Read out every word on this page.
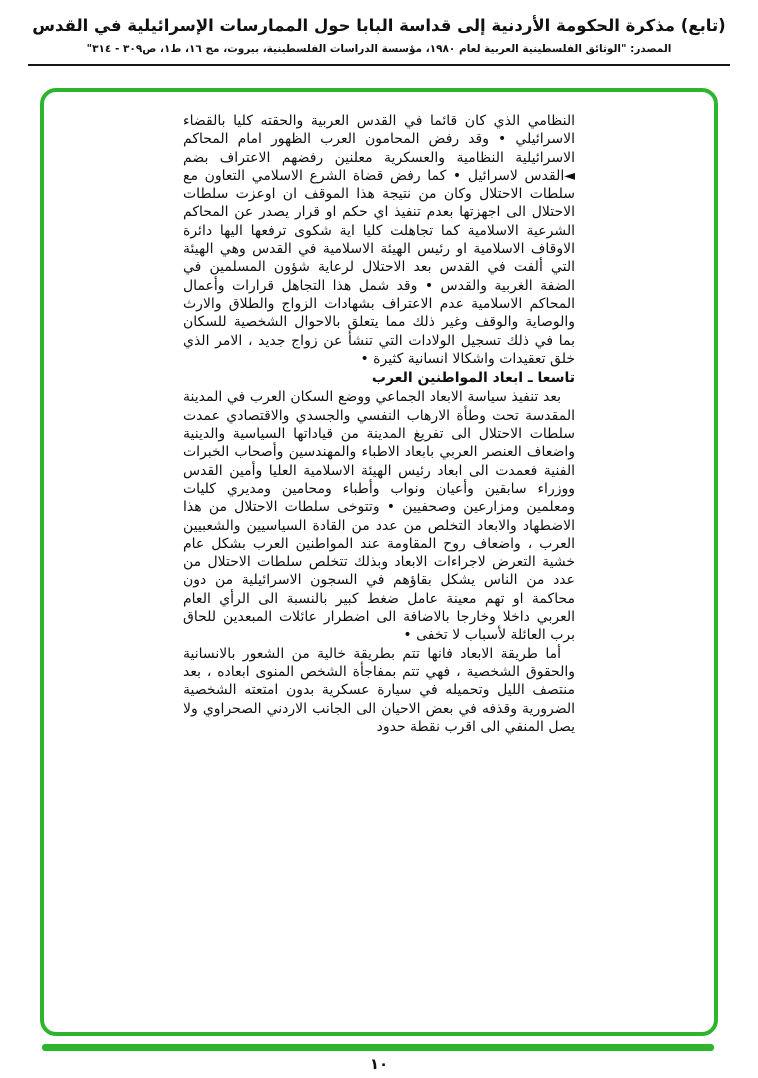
(تابع) مذكرة الحكومة الأردنية إلى قداسة البابا حول الممارسات الإسرائيلية في القدس
المصدر: "الوثائق الفلسطينية العربية لعام ١٩٨٠، مؤسسة الدراسات الفلسطينية، بيروت، مج ١٦، ط١، ص٣٠٩ - ٣١٤"

النظامي الذي كان قائما في القدس العربية والحقته كليا بالقضاء الاسرائيلي • وقد رفض المحامون العرب الظهور امام المحاكم الاسرائيلية النظامية والعسكرية معلنين رفضهم الاعتراف بضم ◄القدس لاسرائيل • كما رفض قضاة الشرع الاسلامي التعاون مع سلطات الاحتلال وكان من نتيجة هذا الموقف ان اوعزت سلطات الاحتلال الى اجهزتها بعدم تنفيذ اي حكم او قرار يصدر عن المحاكم الشرعية الاسلامية كما تجاهلت كليا اية شكوى ترفعها اليها دائرة الاوقاف الاسلامية او رئيس الهيئة الاسلامية في القدس وهي الهيئة التي ألفت في القدس بعد الاحتلال لرعاية شؤون المسلمين في الضفة الغربية والقدس • وقد شمل هذا التجاهل قرارات وأعمال المحاكم الاسلامية عدم الاعتراف بشهادات الزواج والطلاق والارث والوصاية والوقف وغير ذلك مما يتعلق بالاحوال الشخصية للسكان بما في ذلك تسجيل الولادات التي تنشأ عن زواج جديد ، الامر الذي خلق تعقيدات واشكالا انسانية كثيرة •

تاسعا ـ ابعاد المواطنين العرب

بعد تنفيذ سياسة الابعاد الجماعي ووضع السكان العرب في المدينة المقدسة تحت وطأة الارهاب النفسي والجسدي والاقتصادي عمدت سلطات الاحتلال الى تفريغ المدينة من قياداتها السياسية والدينية واضعاف العنصر العربي بابعاد الاطباء والمهندسين وأصحاب الخبرات الفنية فعمدت الى ابعاد رئيس الهيئة الاسلامية العليا وأمين القدس ووزراء سابقين وأعيان ونواب وأطباء ومحامين ومديري كليات ومعلمين ومزارعين وصحفيين • وتتوخى سلطات الاحتلال من هذا الاضطهاد والابعاد التخلص من عدد من القادة السياسيين والشعبيين العرب ، واضعاف روح المقاومة عند المواطنين العرب بشكل عام خشية التعرض لاجراءات الابعاد وبذلك تتخلص سلطات الاحتلال من عدد من الناس يشكل بقاؤهم في السجون الاسرائيلية من دون محاكمة او تهم معينة عامل ضغط كبير بالنسبة الى الرأي العام العربي داخلا وخارجا بالاضافة الى اضطرار عائلات المبعدين للحاق برب العائلة لأسباب لا تخفى •

أما طريقة الابعاد فانها تتم بطريقة خالية من الشعور بالانسانية والحقوق الشخصية ، فهي تتم بمفاجأة الشخص المنوى ابعاده ، بعد منتصف الليل وتحميله في سيارة عسكرية بدون امتعته الشخصية الضرورية وقذفه في بعض الاحيان الى الجانب الاردني الصحراوي ولا يصل المنفي الى اقرب نقطة حدود

١٠
